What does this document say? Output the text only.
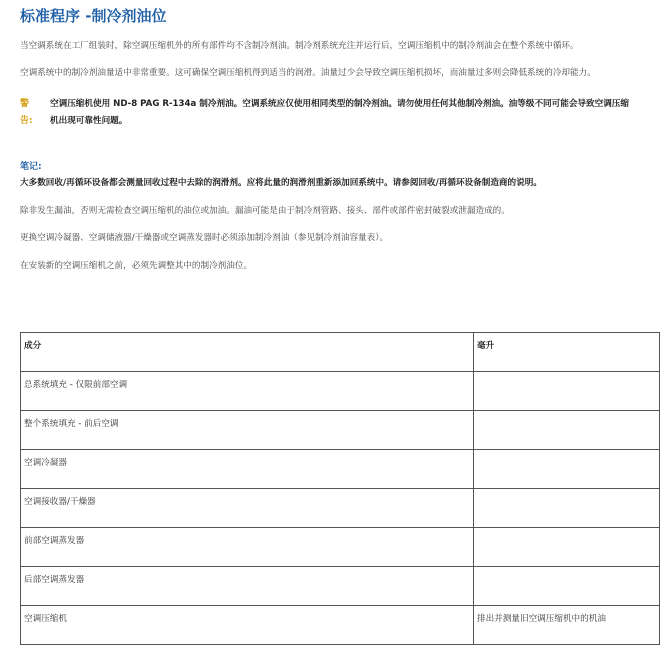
标准程序 -制冷剂油位
当空调系统在工厂组装时，除空调压缩机外的所有部件均不含制冷剂油。制冷剂系统充注并运行后，空调压缩机中的制冷剂油会在整个系统中循环。
空调系统中的制冷剂油量适中非常重要。这可确保空调压缩机得到适当的润滑。油量过少会导致空调压缩机损坏，而油量过多则会降低系统的冷却能力。
警
告:
空调压缩机使用 ND-8 PAG R-134a 制冷剂油。空调系统应仅使用相同类型的制冷剂油。请勿使用任何其他制冷剂油。油等级不同可能会导致空调压缩
机出现可靠性问题。
笔记:
大多数回收/再循环设备都会测量回收过程中去除的润滑剂。应将此量的润滑剂重新添加回系统中。请参阅回收/再循环设备制造商的说明。
除非发生漏油，否则无需检查空调压缩机的油位或加油。漏油可能是由于制冷剂管路、接头、部件或部件密封破裂或泄漏造成的。
更换空调冷凝器、空调储液器/干燥器或空调蒸发器时必须添加制冷剂油（参见制冷剂油容量表）。
在安装新的空调压缩机之前，必须先调整其中的制冷剂油位。
成分	毫升
总系统填充 - 仅限前部空调	
整个系统填充 - 前后空调	
空调冷凝器	
空调接收器/干燥器	
前部空调蒸发器	
后部空调蒸发器	
空调压缩机	排出并测量旧空调压缩机中的机油
